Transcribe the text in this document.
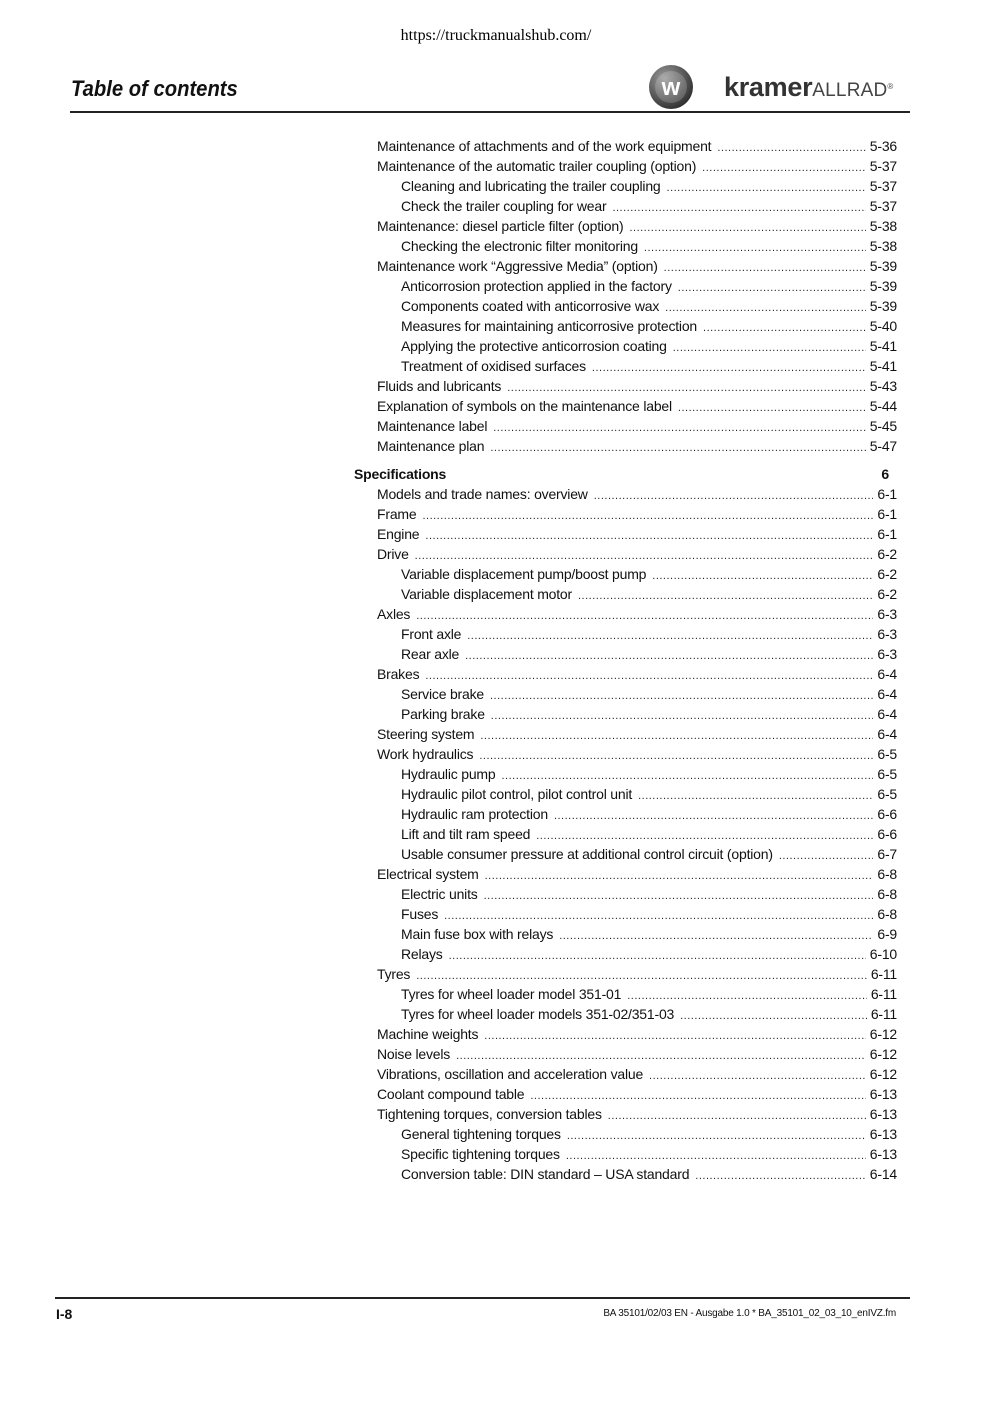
https://truckmanualshub.com/
Table of contents	w kramerALLRAD®
Maintenance of attachments and of the work equipment .....	5-36
Maintenance of the automatic trailer coupling (option) .....	5-37
Cleaning and lubricating the trailer coupling .....	5-37
Check the trailer coupling for wear .....	5-37
Maintenance: diesel particle filter (option) .....	5-38
Checking the electronic filter monitoring .....	5-38
Maintenance work “Aggressive Media” (option) .....	5-39
Anticorrosion protection applied in the factory .....	5-39
Components coated with anticorrosive wax .....	5-39
Measures for maintaining anticorrosive protection .....	5-40
Applying the protective anticorrosion coating .....	5-41
Treatment of oxidised surfaces .....	5-41
Fluids and lubricants .....	5-43
Explanation of symbols on the maintenance label .....	5-44
Maintenance label .....	5-45
Maintenance plan .....	5-47
Specifications	6
Models and trade names: overview .....	6-1
Frame .....	6-1
Engine .....	6-1
Drive .....	6-2
Variable displacement pump/boost pump .....	6-2
Variable displacement motor .....	6-2
Axles .....	6-3
Front axle .....	6-3
Rear axle .....	6-3
Brakes .....	6-4
Service brake .....	6-4
Parking brake .....	6-4
Steering system .....	6-4
Work hydraulics .....	6-5
Hydraulic pump .....	6-5
Hydraulic pilot control, pilot control unit .....	6-5
Hydraulic ram protection .....	6-6
Lift and tilt ram speed .....	6-6
Usable consumer pressure at additional control circuit (option) .....	6-7
Electrical system .....	6-8
Electric units .....	6-8
Fuses .....	6-8
Main fuse box with relays .....	6-9
Relays .....	6-10
Tyres .....	6-11
Tyres for wheel loader model 351-01 .....	6-11
Tyres for wheel loader models 351-02/351-03 .....	6-11
Machine weights .....	6-12
Noise levels .....	6-12
Vibrations, oscillation and acceleration value .....	6-12
Coolant compound table .....	6-13
Tightening torques, conversion tables .....	6-13
General tightening torques .....	6-13
Specific tightening torques .....	6-13
Conversion table: DIN standard – USA standard .....	6-14
I-8	BA 35101/02/03 EN - Ausgabe 1.0 * BA_35101_02_03_10_enIVZ.fm
